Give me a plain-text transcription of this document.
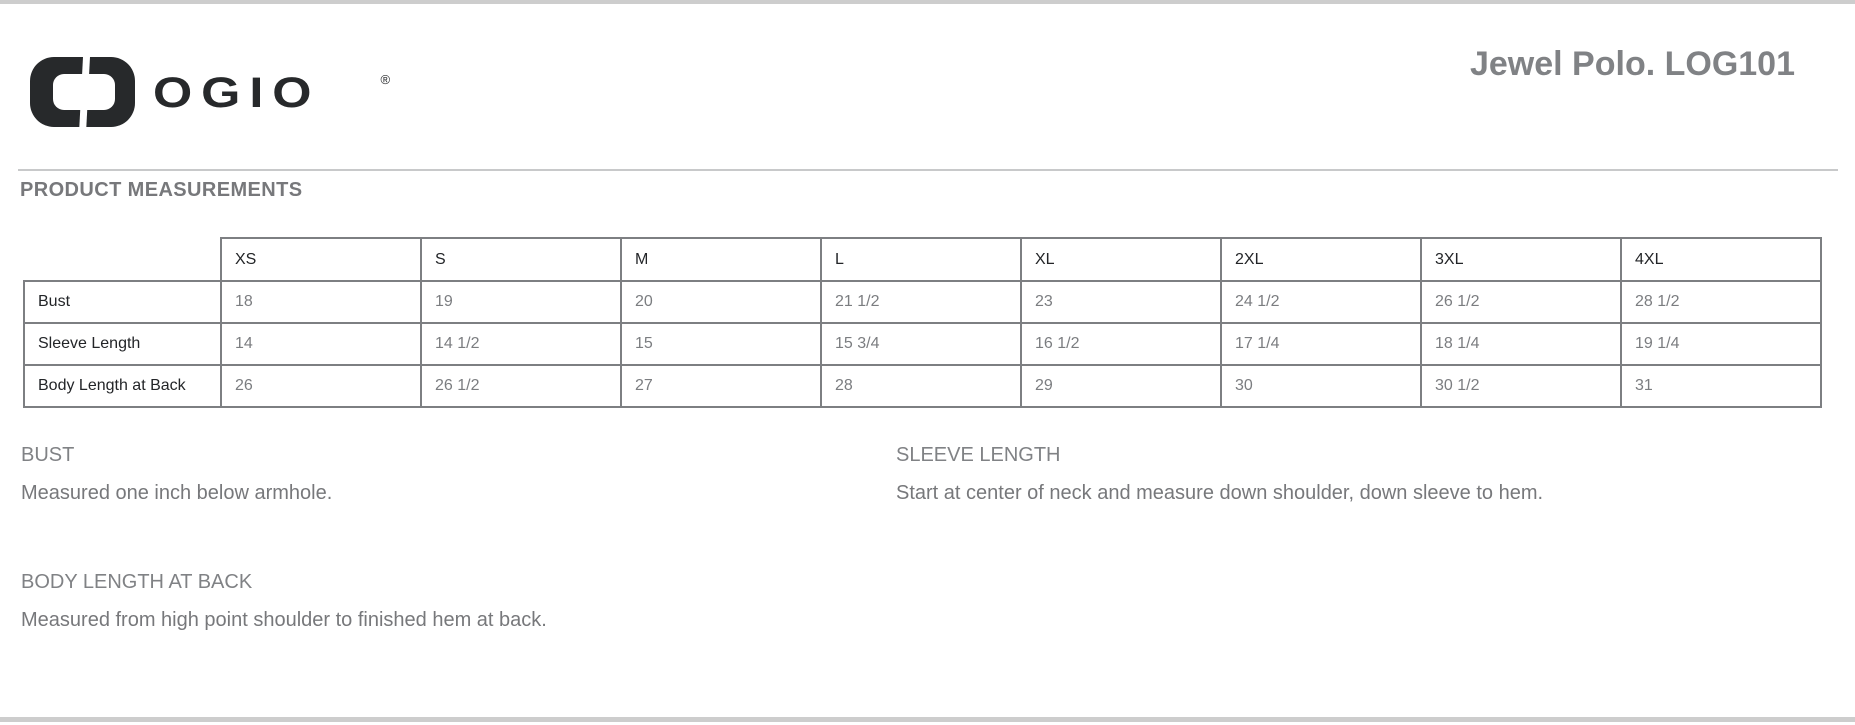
OGIO	®	Jewel Polo. LOG101
PRODUCT MEASUREMENTS
	XS	S	M	L	XL	2XL	3XL	4XL
Bust	18	19	20	21 1/2	23	24 1/2	26 1/2	28 1/2
Sleeve Length	14	14 1/2	15	15 3/4	16 1/2	17 1/4	18 1/4	19 1/4
Body Length at Back	26	26 1/2	27	28	29	30	30 1/2	31
BUST

Measured one inch below armhole.

SLEEVE LENGTH

Start at center of neck and measure down shoulder, down sleeve to hem.

BODY LENGTH AT BACK

Measured from high point shoulder to finished hem at back.
